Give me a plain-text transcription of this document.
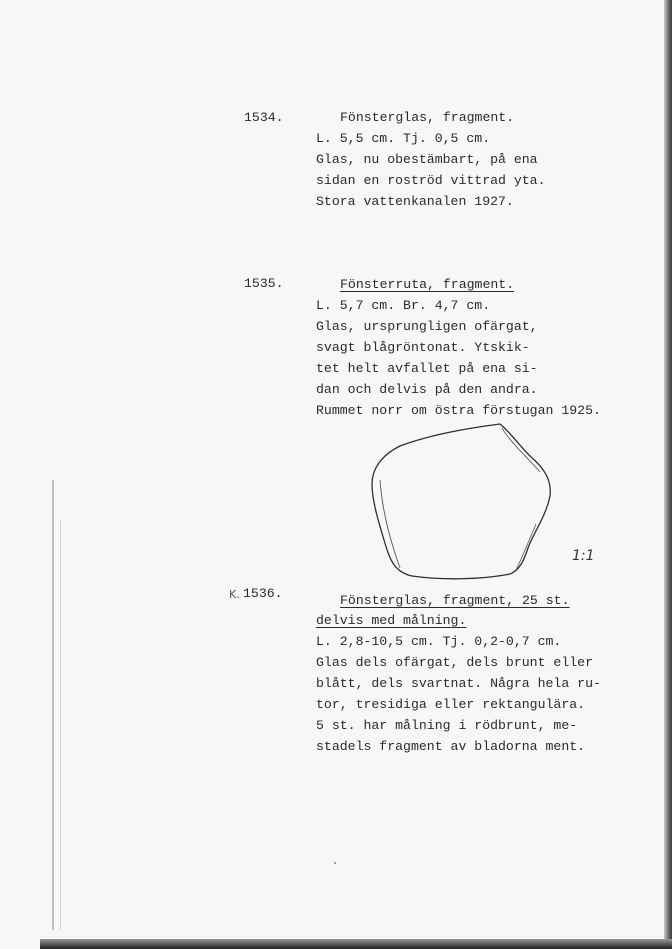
1534.	Fönsterglas, fragment.
L. 5,5 cm. Tj. 0,5 cm.
Glas, nu obestämbart, på ena
sidan en roströd vittrad yta.
Stora vattenkanalen 1927.
1535.	Fönsterruta, fragment.
L. 5,7 cm. Br. 4,7 cm.
Glas, ursprungligen ofärgat,
svagt blågröntonat. Ytskik-
tet helt avfallet på ena si-
dan och delvis på den andra.
Rummet norr om östra förstugan 1925.
1:1
K. 1536.	Fönsterglas, fragment, 25 st.
delvis med målning.
L. 2,8-10,5 cm. Tj. 0,2-0,7 cm.
Glas dels ofärgat, dels brunt eller
blått, dels svartnat. Några hela ru-
tor, tresidiga eller rektangulära.
5 st. har målning i rödbrunt, me-
stadels fragment av bladorna ment.
